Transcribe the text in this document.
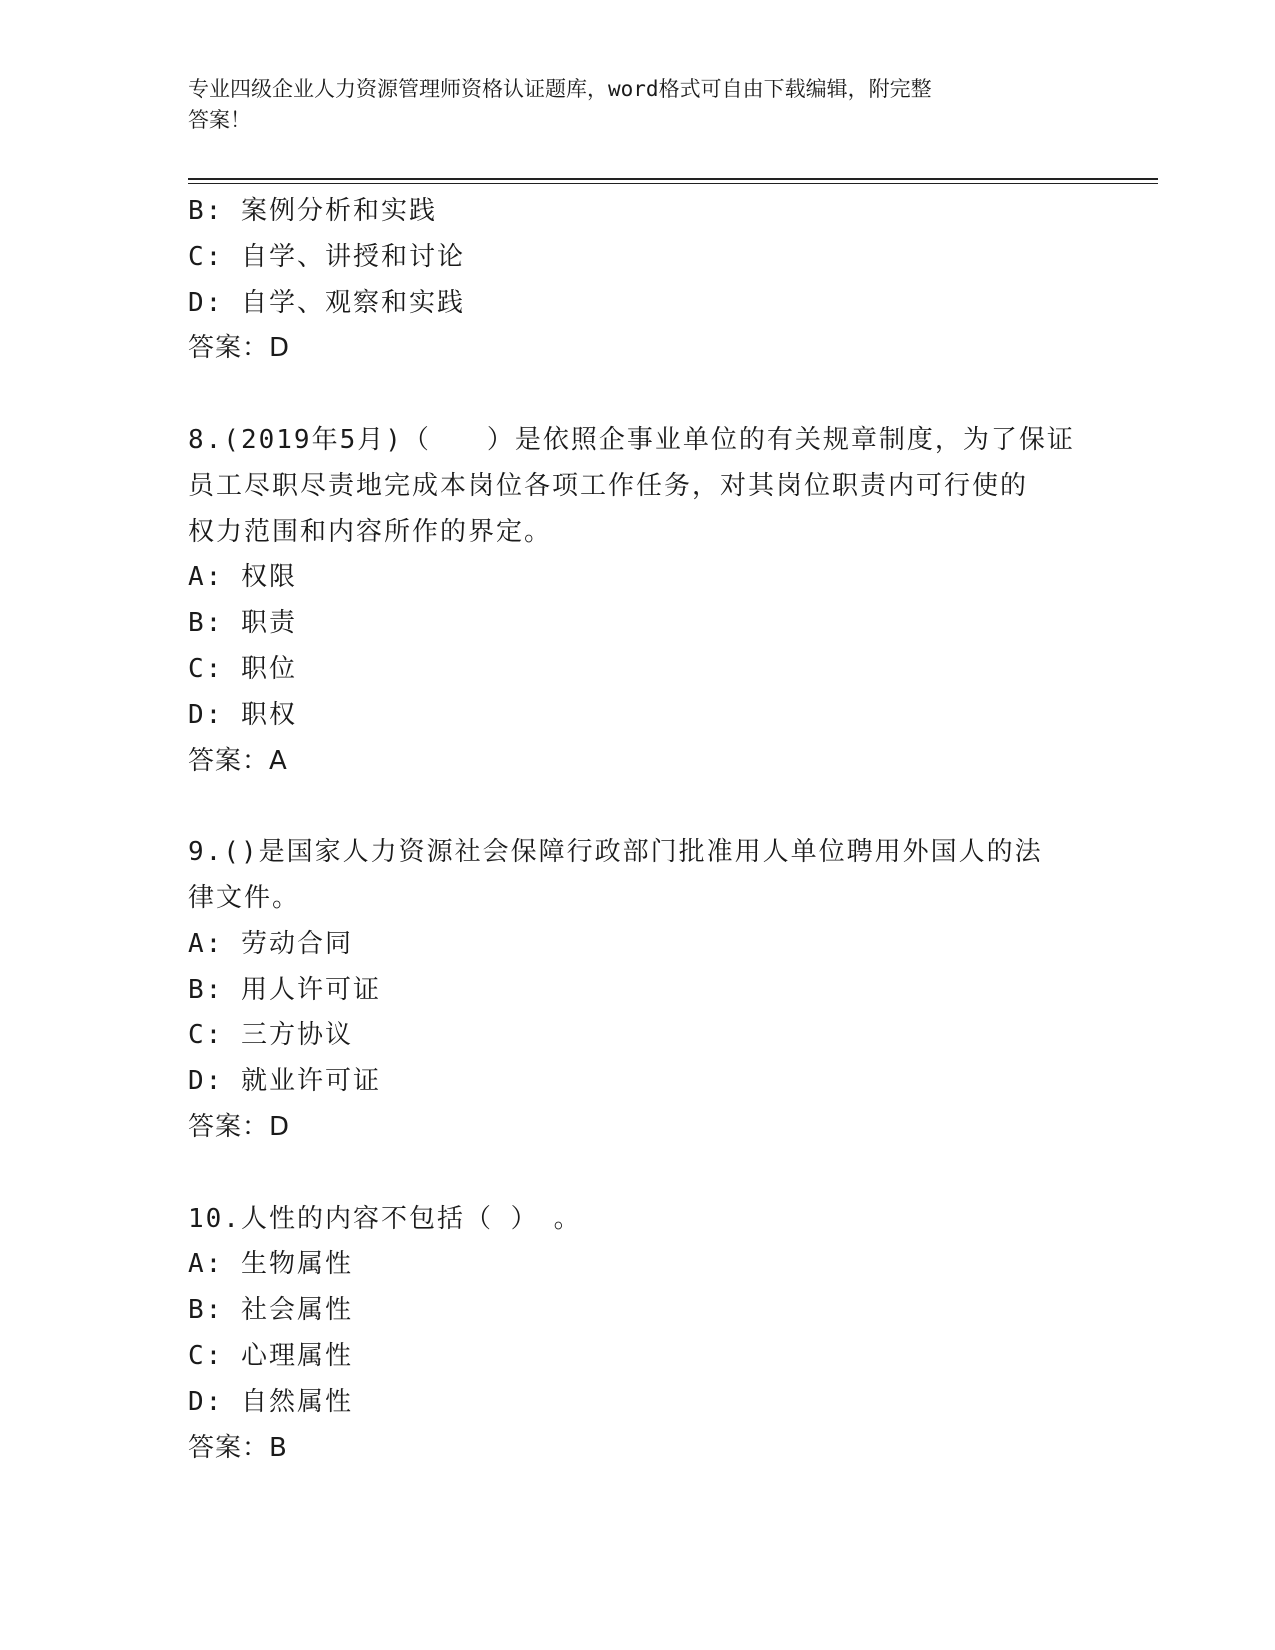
专业四级企业人力资源管理师资格认证题库，word格式可自由下载编辑，附完整
答案！
B: 案例分析和实践
C: 自学、讲授和讨论
D: 自学、观察和实践
答案：D
8.(2019年5月)（　　）是依照企事业单位的有关规章制度，为了保证
员工尽职尽责地完成本岗位各项工作任务，对其岗位职责内可行使的
权力范围和内容所作的界定。
A: 权限
B: 职责
C: 职位
D: 职权
答案：A
9.()是国家人力资源社会保障行政部门批准用人单位聘用外国人的法
律文件。
A: 劳动合同
B: 用人许可证
C: 三方协议
D: 就业许可证
答案：D
10.人性的内容不包括（ ）　。
A: 生物属性
B: 社会属性
C: 心理属性
D: 自然属性
答案：B
